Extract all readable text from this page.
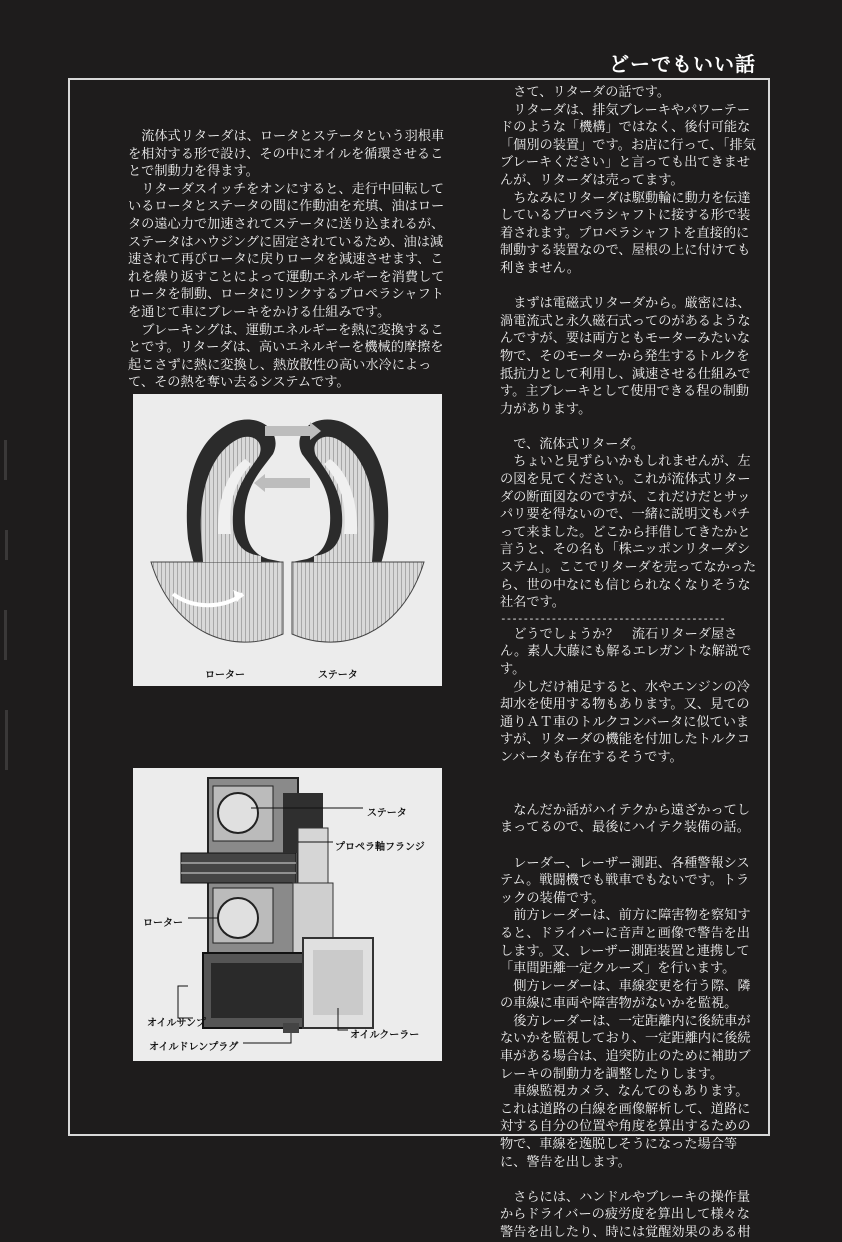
どーでもいい話

流体式リターダは、ロータとステータという羽根車を相対する形で設け、その中にオイルを循環させることで制動力を得ます。

リターダスイッチをオンにすると、走行中回転しているロータとステータの間に作動油を充填、油はロータの遠心力で加速されてステータに送り込まれるが、ステータはハウジングに固定されているため、油は減速されて再びロータに戻りロータを減速させます、これを繰り返すことによって運動エネルギーを消費してロータを制動、ロータにリンクするプロペラシャフトを通じて車にブレーキをかける仕組みです。

ブレーキングは、運動エネルギーを熱に変換することです。リターダは、高いエネルギーを機械的摩擦を起こさずに熱に変換し、熱放散性の高い水冷によって、その熱を奪い去るシステムです。

ローター	ステータ
ステータ
プロペラ軸フランジ
ローター
オイルサンプ
オイルドレンプラグ
オイルクーラー

さて、リターダの話です。

リターダは、排気ブレーキやパワーテードのような「機構」ではなく、後付可能な「個別の装置」です。お店に行って、「排気ブレーキください」と言っても出てきませんが、リターダは売ってます。

ちなみにリターダは駆動輪に動力を伝達しているプロペラシャフトに接する形で装着されます。プロペラシャフトを直接的に制動する装置なので、屋根の上に付けても利きません。

まずは電磁式リターダから。厳密には、渦電流式と永久磁石式ってのがあるようなんですが、要は両方ともモーターみたいな物で、そのモーターから発生するトルクを抵抗力として利用し、減速させる仕組みです。主ブレーキとして使用できる程の制動力があります。

で、流体式リターダ。

ちょいと見ずらいかもしれませんが、左の図を見てください。これが流体式リターダの断面図なのですが、これだけだとサッパリ要を得ないので、一緒に説明文もパチって来ました。どこから拝借してきたかと言うと、その名も「株ニッポンリターダシステム」。ここでリターダを売ってなかったら、世の中なにも信じられなくなりそうな社名です。

----------------------------------------

どうでしょうか？　流石リターダ屋さん。素人大藤にも解るエレガントな解説です。

少しだけ補足すると、水やエンジンの冷却水を使用する物もあります。又、見ての通りＡＴ車のトルクコンバータに似ていますが、リターダの機能を付加したトルクコンバータも存在するそうです。

なんだか話がハイテクから遠ざかってしまってるので、最後にハイテク装備の話。

レーダー、レーザー測距、各種警報システム。戦闘機でも戦車でもないです。トラックの装備です。

前方レーダーは、前方に障害物を察知すると、ドライバーに音声と画像で警告を出します。又、レーザー測距装置と連携して「車間距離一定クルーズ」を行います。

側方レーダーは、車線変更を行う際、隣の車線に車両や障害物がないかを監視。

後方レーダーは、一定距離内に後続車がないかを監視しており、一定距離内に後続車がある場合は、追突防止のために補助ブレーキの制動力を調整したりします。

車線監視カメラ、なんてのもあります。これは道路の白線を画像解析して、道路に対する自分の位置や角度を算出するための物で、車線を逸脱しそうになった場合等に、警告を出します。

さらには、ハンドルやブレーキの操作量からドライバーの疲労度を算出して様々な警告を出したり、時には覚醒効果のある柑
